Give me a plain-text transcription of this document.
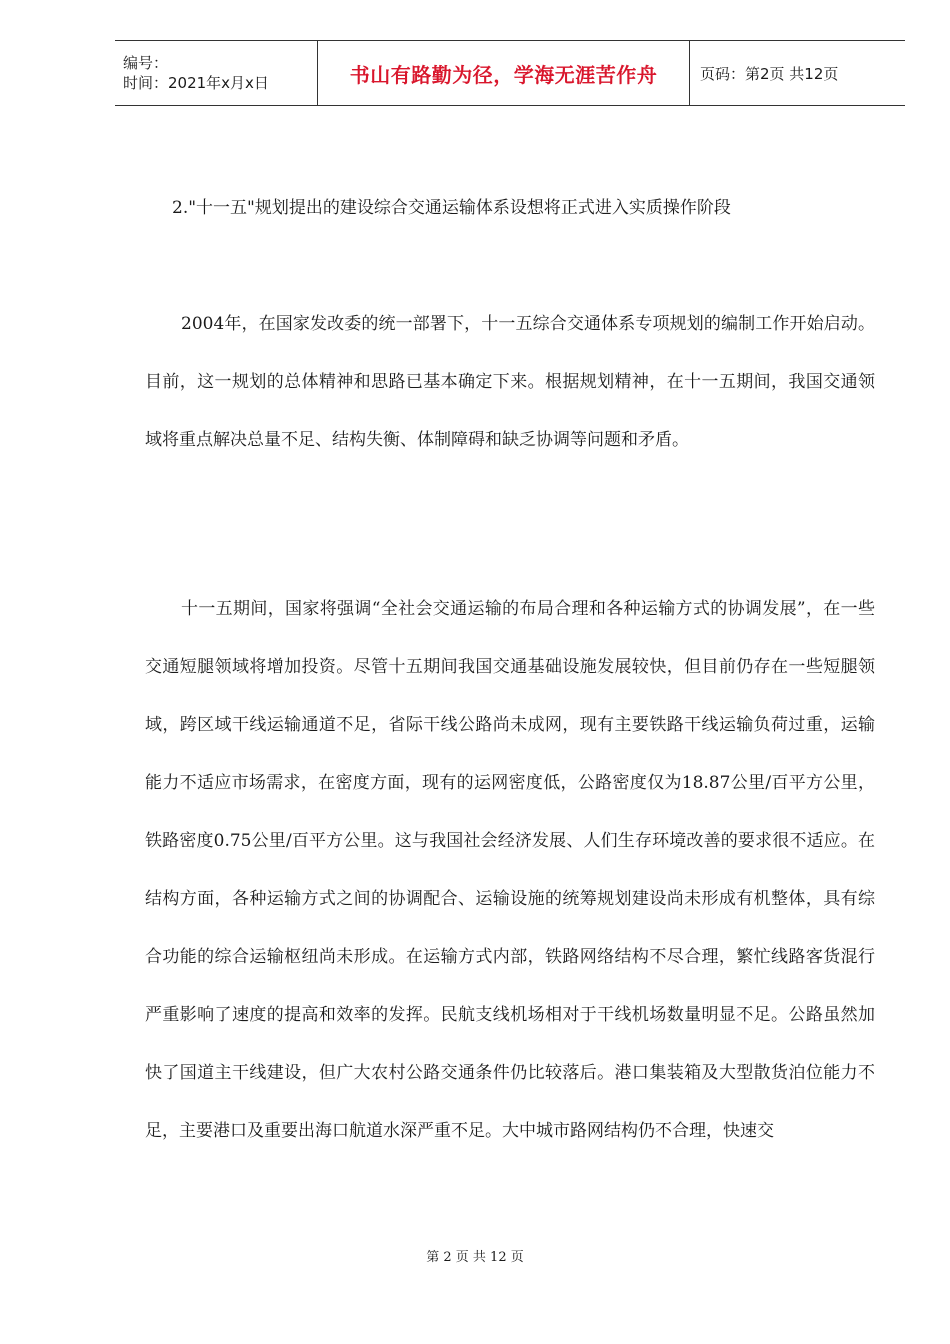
编号：
时间：2021年x月x日	书山有路勤为径，学海无涯苦作舟	页码：第2页 共12页
2."十一五"规划提出的建设综合交通运输体系设想将正式进入实质操作阶段
2004年，在国家发改委的统一部署下，十一五综合交通体系专项规划的编制工作开始启动。目前，这一规划的总体精神和思路已基本确定下来。根据规划精神，在十一五期间，我国交通领域将重点解决总量不足、结构失衡、体制障碍和缺乏协调等问题和矛盾。
十一五期间，国家将强调“全社会交通运输的布局合理和各种运输方式的协调发展”，在一些交通短腿领域将增加投资。尽管十五期间我国交通基础设施发展较快，但目前仍存在一些短腿领域，跨区域干线运输通道不足，省际干线公路尚未成网，现有主要铁路干线运输负荷过重，运输能力不适应市场需求，在密度方面，现有的运网密度低，公路密度仅为18.87公里/百平方公里，铁路密度0.75公里/百平方公里。这与我国社会经济发展、人们生存环境改善的要求很不适应。在结构方面，各种运输方式之间的协调配合、运输设施的统筹规划建设尚未形成有机整体，具有综合功能的综合运输枢纽尚未形成。在运输方式内部，铁路网络结构不尽合理，繁忙线路客货混行严重影响了速度的提高和效率的发挥。民航支线机场相对于干线机场数量明显不足。公路虽然加快了国道主干线建设，但广大农村公路交通条件仍比较落后。港口集装箱及大型散货泊位能力不足，主要港口及重要出海口航道水深严重不足。大中城市路网结构仍不合理，快速交
第 2 页 共 12 页
